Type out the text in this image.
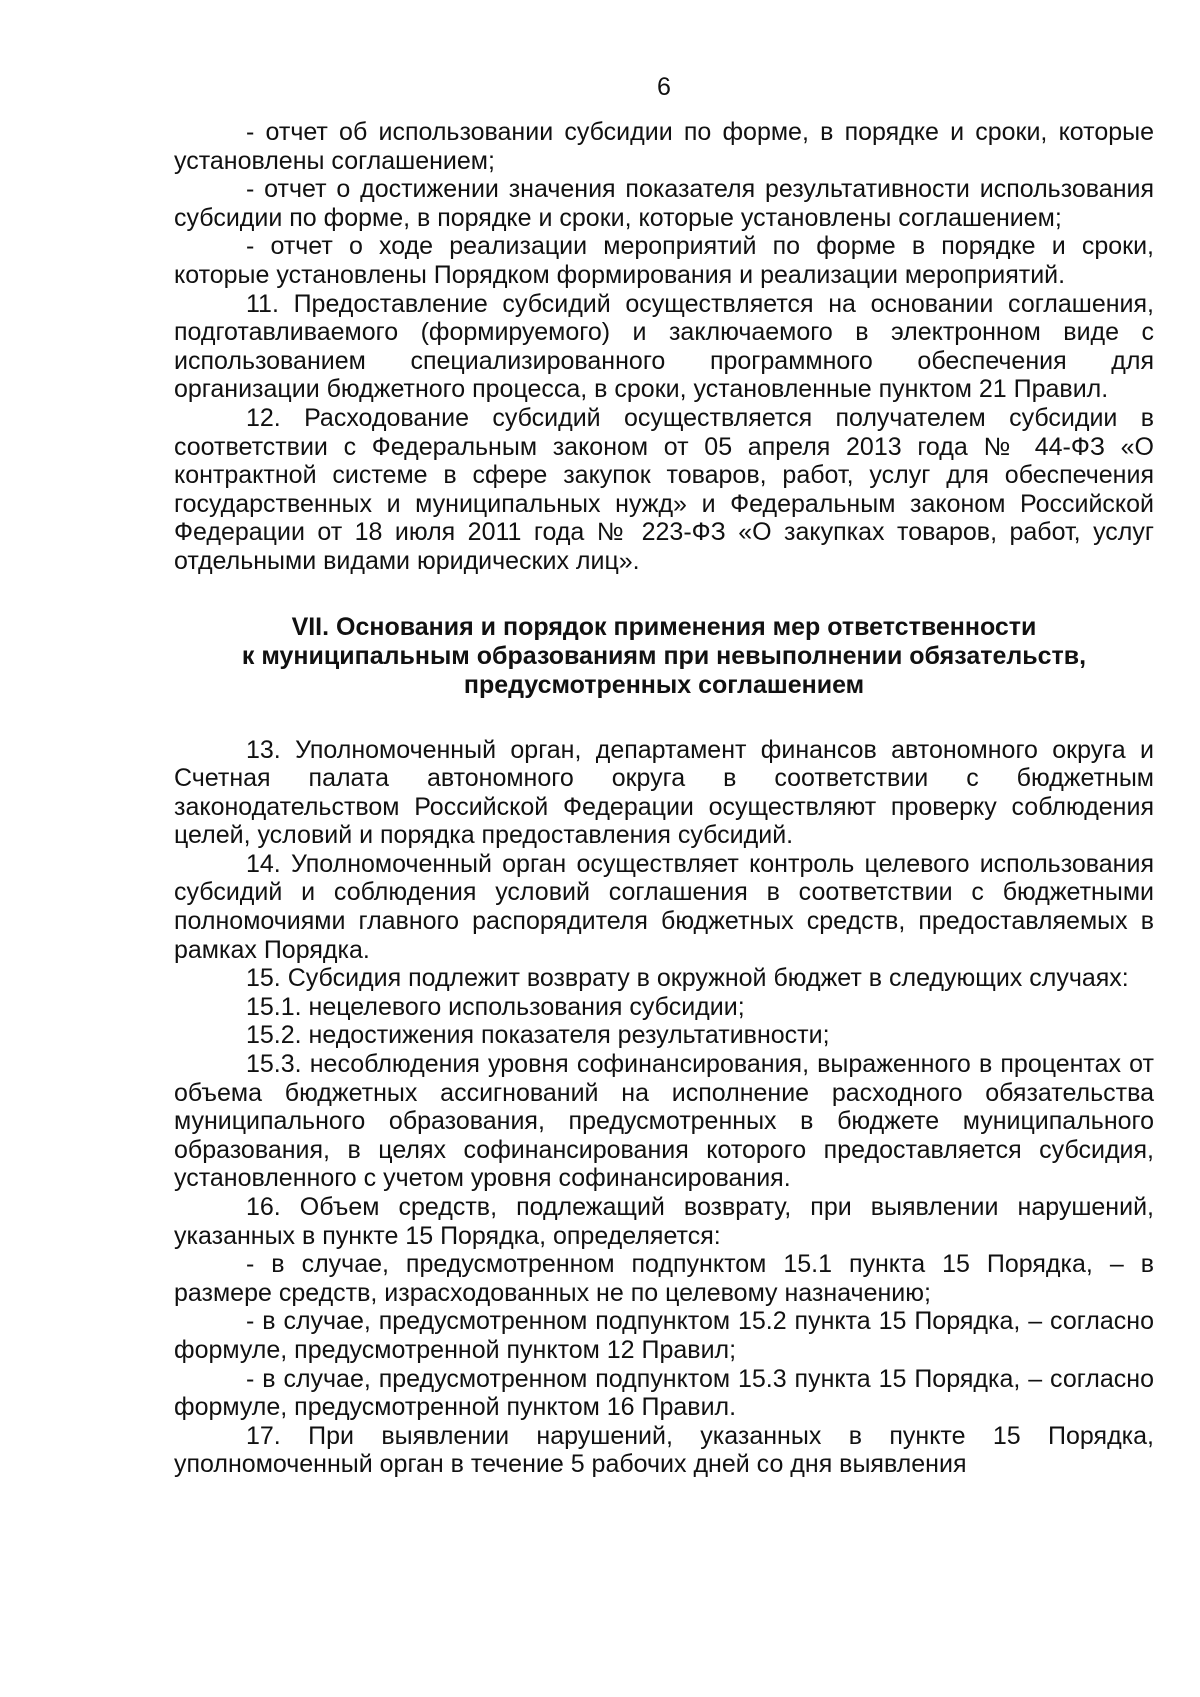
6

- отчет об использовании субсидии по форме, в порядке и сроки, которые установлены соглашением;

- отчет о достижении значения показателя результативности использования субсидии по форме, в порядке и сроки, которые установлены соглашением;

- отчет о ходе реализации мероприятий по форме в порядке и сроки, которые установлены Порядком формирования и реализации мероприятий.

11. Предоставление субсидий осуществляется на основании соглашения, подготавливаемого (формируемого) и заключаемого в электронном виде с использованием специализированного программного обеспечения для организации бюджетного процесса, в сроки, установленные пунктом 21 Правил.

12. Расходование субсидий осуществляется получателем субсидии в соответствии с Федеральным законом от 05 апреля 2013 года № 44-ФЗ «О контрактной системе в сфере закупок товаров, работ, услуг для обеспечения государственных и муниципальных нужд» и Федеральным законом Российской Федерации от 18 июля 2011 года № 223-ФЗ «О закупках товаров, работ, услуг отдельными видами юридических лиц».

VII. Основания и порядок применения мер ответственности
к муниципальным образованиям при невыполнении обязательств,
предусмотренных соглашением

13. Уполномоченный орган, департамент финансов автономного округа и Счетная палата автономного округа в соответствии с бюджетным законодательством Российской Федерации осуществляют проверку соблюдения целей, условий и порядка предоставления субсидий.

14. Уполномоченный орган осуществляет контроль целевого использования субсидий и соблюдения условий соглашения в соответствии с бюджетными полномочиями главного распорядителя бюджетных средств, предоставляемых в рамках Порядка.

15. Субсидия подлежит возврату в окружной бюджет в следующих случаях:

15.1. нецелевого использования субсидии;

15.2. недостижения показателя результативности;

15.3. несоблюдения уровня софинансирования, выраженного в процентах от объема бюджетных ассигнований на исполнение расходного обязательства муниципального образования, предусмотренных в бюджете муниципального образования, в целях софинансирования которого предоставляется субсидия, установленного с учетом уровня софинансирования.

16. Объем средств, подлежащий возврату, при выявлении нарушений, указанных в пункте 15 Порядка, определяется:

- в случае, предусмотренном подпунктом 15.1 пункта 15 Порядка, – в размере средств, израсходованных не по целевому назначению;

- в случае, предусмотренном подпунктом 15.2 пункта 15 Порядка, – согласно формуле, предусмотренной пунктом 12 Правил;

- в случае, предусмотренном подпунктом 15.3 пункта 15 Порядка, – согласно формуле, предусмотренной пунктом 16 Правил.

17. При выявлении нарушений, указанных в пункте 15 Порядка, уполномоченный орган в течение 5 рабочих дней со дня выявления
